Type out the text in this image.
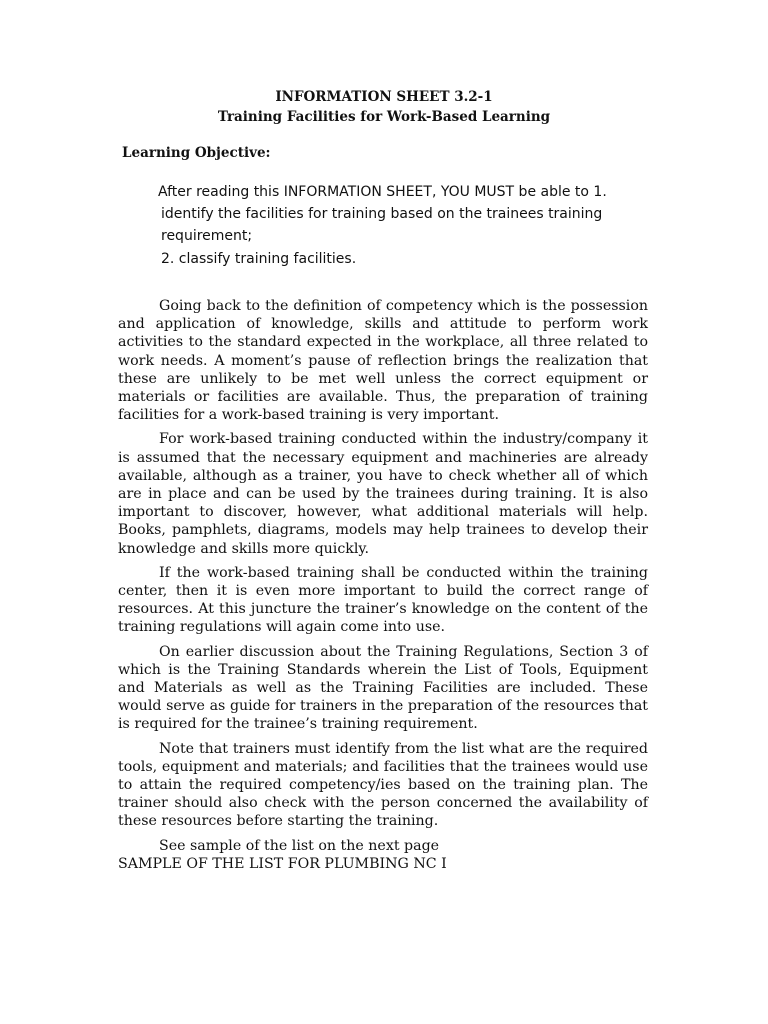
INFORMATION SHEET 3.2-1
Training Facilities for Work-Based Learning
Learning Objective:
After reading this INFORMATION SHEET, YOU MUST be able to 1.
identify the facilities for training based on the trainees training
requirement;
2. classify training facilities.

Going back to the definition of competency which is the possession and application of knowledge, skills and attitude to perform work activities to the standard expected in the workplace, all three related to work needs. A moment’s pause of reflection brings the realization that these are unlikely to be met well unless the correct equipment or materials or facilities are available. Thus, the preparation of training facilities for a work-based training is very important.

For work-based training conducted within the industry/company it is assumed that the necessary equipment and machineries are already available, although as a trainer, you have to check whether all of which are in place and can be used by the trainees during training. It is also important to discover, however, what additional materials will help. Books, pamphlets, diagrams, models may help trainees to develop their knowledge and skills more quickly.

If the work-based training shall be conducted within the training center, then it is even more important to build the correct range of resources. At this juncture the trainer’s knowledge on the content of the training regulations will again come into use.

On earlier discussion about the Training Regulations, Section 3 of which is the Training Standards wherein the List of Tools, Equipment and Materials as well as the Training Facilities are included. These would serve as guide for trainers in the preparation of the resources that is required for the trainee’s training requirement.

Note that trainers must identify from the list what are the required tools, equipment and materials; and facilities that the trainees would use to attain the required competency/ies based on the training plan. The trainer should also check with the person concerned the availability of these resources before starting the training.

See sample of the list on the next page

SAMPLE OF THE LIST FOR PLUMBING NC I
